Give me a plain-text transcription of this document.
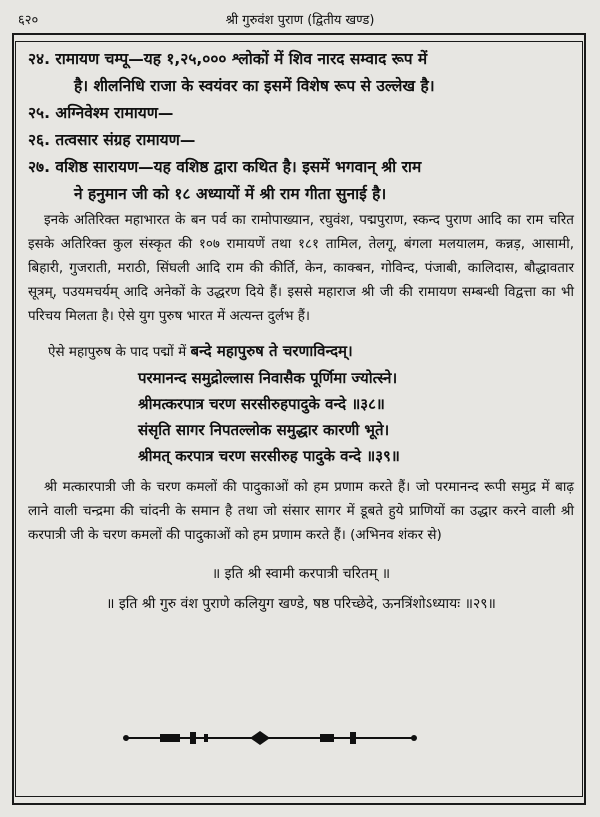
६२०	श्री गुरुवंश पुराण (द्वितीय खण्ड)
२४. रामायण चम्पू—यह १,२५,००० श्लोकों में शिव नारद सम्वाद रूप में

है। शीलनिधि राजा के स्वयंवर का इसमें विशेष रूप से उल्लेख है।
२५. अग्निवेश्म रामायण—
२६. तत्वसार संग्रह रामायण—
२७. वशिष्ठ सारायण—यह वशिष्ठ द्वारा कथित है। इसमें भगवान् श्री राम

ने हनुमान जी को १८ अध्यायों में श्री राम गीता सुनाई है।

इनके अतिरिक्त महाभारत के बन पर्व का रामोपाख्यान, रघुवंश, पद्मपुराण, स्कन्द पुराण आदि का राम चरित इसके अतिरिक्त कुल संस्कृत की १०७ रामायणें तथा १८१ तामिल, तेलगू, बंगला मलयालम, कन्नड़, आसामी, बिहारी, गुजराती, मराठी, सिंघली आदि राम की कीर्ति, केन, काक्बन, गोविन्द, पंजाबी, कालिदास, बौद्धावतार सूत्रम्, पउयमचर्यम् आदि अनेकों के उद्धरण दिये हैं। इससे महाराज श्री जी की रामायण सम्बन्धी विद्वत्ता का भी परिचय मिलता है। ऐसे युग पुरुष भारत में अत्यन्त दुर्लभ हैं।

ऐसे महापुरुष के पाद पद्मों में बन्दे महापुरुष ते चरणाविन्दम्।

परमानन्द समुद्रोल्लास निवासैक पूर्णिमा ज्योत्स्ने।

श्रीमत्करपात्र चरण सरसीरुहपादुके वन्दे ॥३८॥

संसृति सागर निपतल्लोक समुद्धार कारणी भूते।

श्रीमत् करपात्र चरण सरसीरुह पादुके वन्दे ॥३९॥

श्री मत्कारपात्री जी के चरण कमलों की पादुकाओं को हम प्रणाम करते हैं। जो परमानन्द रूपी समुद्र में बाढ़ लाने वाली चन्द्रमा की चांदनी के समान है तथा जो संसार सागर में डूबते हुये प्राणियों का उद्धार करने वाली श्री करपात्री जी के चरण कमलों की पादुकाओं को हम प्रणाम करते हैं। (अभिनव शंकर से)

॥ इति श्री स्वामी करपात्री चरितम् ॥
॥ इति श्री गुरु वंश पुराणे कलियुग खण्डे, षष्ठ परिच्छेदे, ऊनत्रिंशोऽध्यायः ॥२९॥
